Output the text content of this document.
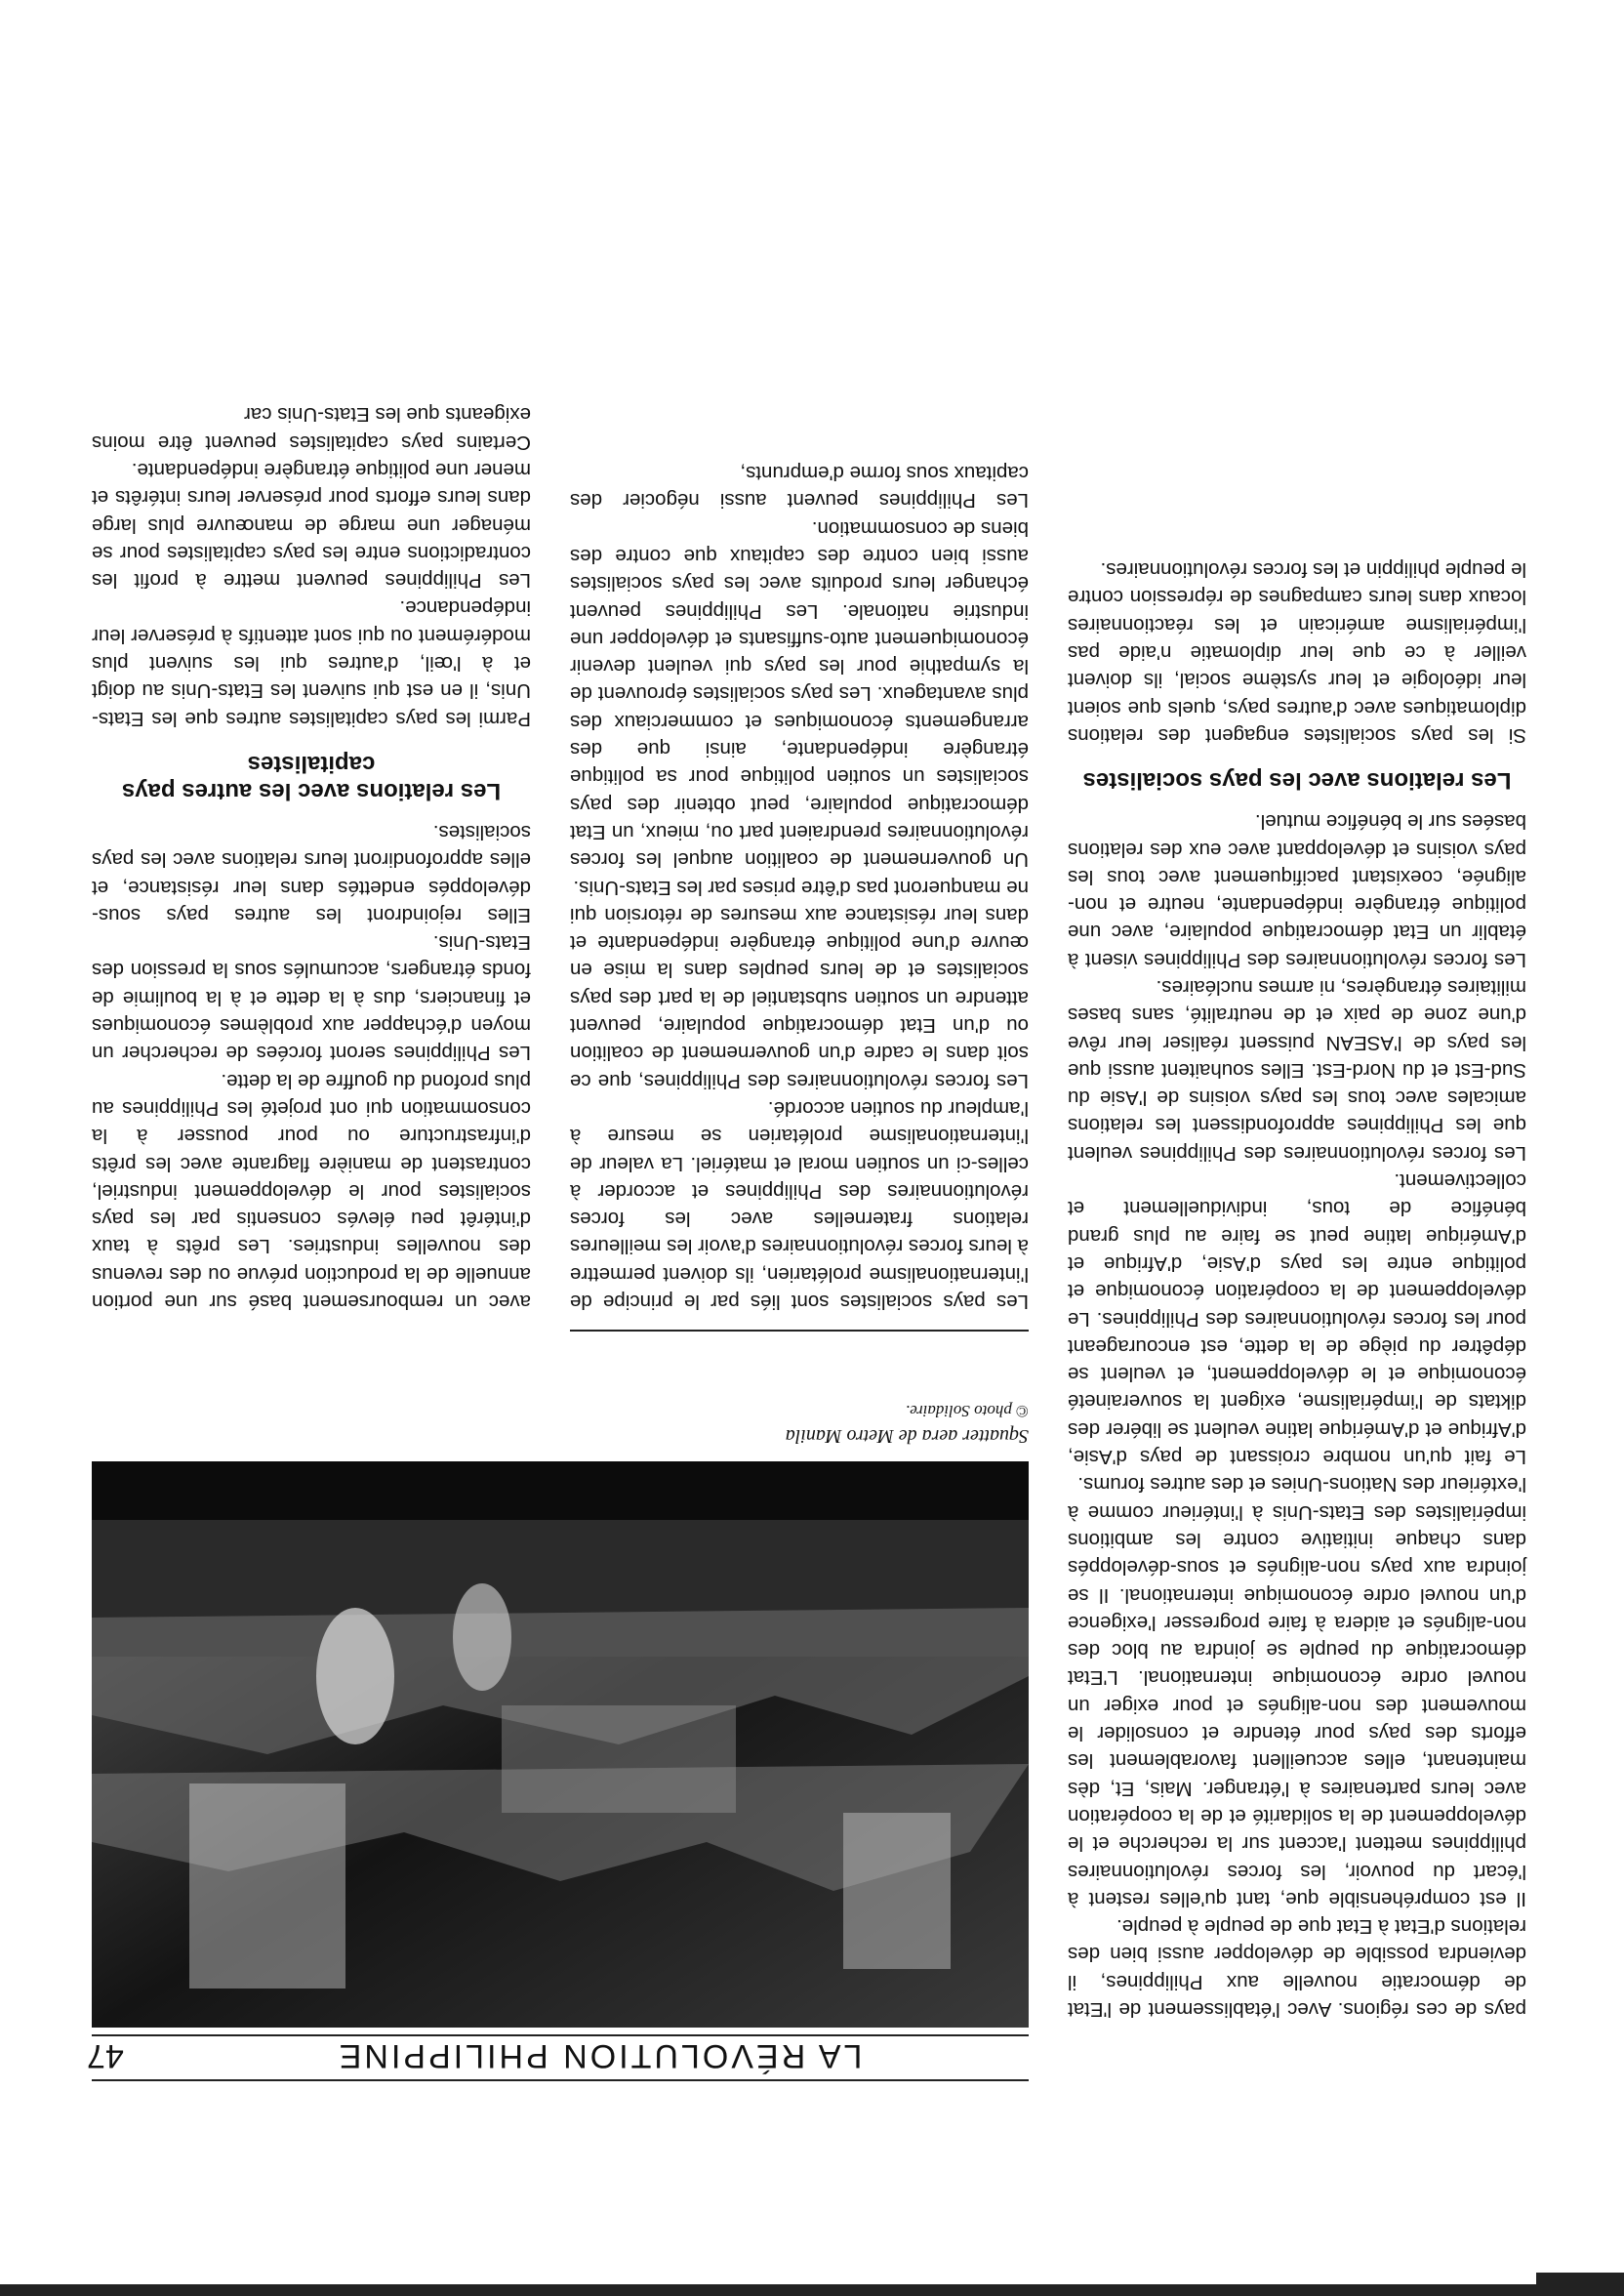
LA RÉVOLUTION PHILIPPINE
47

pays de ces régions. Avec l'établissement de l'Etat de démocratie nouvelle aux Philippines, il deviendra possible de développer aussi bien des relations d'Etat à Etat que de peuple à peuple.

Il est compréhensible que, tant qu'elles restent à l'écart du pouvoir, les forces révolutionnaires philippines mettent l'accent sur la recherche et le développement de la solidarité et de la coopération avec leurs partenaires à l'étranger. Mais, Et, dès maintenant, elles accueillent favorablement les efforts des pays pour étendre et consolider le mouvement des non-alignés et pour exiger un nouvel ordre économique international. L'Etat démocratique du peuple se joindra au bloc des non-alignés et aidera à faire progresser l'exigence d'un nouvel ordre économique international. Il se joindra aux pays non-alignés et sous-développés dans chaque initiative contre les ambitions impérialistes des Etats-Unis à l'intérieur comme à l'extérieur des Nations-Unies et des autres forums.

Le fait qu'un nombre croissant de pays d'Asie, d'Afrique et d'Amérique latine veulent se libérer des diktats de l'impérialisme, exigent la souveraineté économique et le développement, et veulent se dépêtrer du piège de la dette, est encourageant pour les forces révolutionnaires des Philippines. Le développement de la coopération économique et politique entre les pays d'Asie, d'Afrique et d'Amérique latine peut se faire au plus grand bénéfice de tous, individuellement et collectivement.

Les forces révolutionnaires des Philippines veulent que les Philippines approfondissent les relations amicales avec tous les pays voisins de l'Asie du Sud-Est et du Nord-Est. Elles souhaitent aussi que les pays de l'ASEAN puissent réaliser leur rêve d'une zone de paix et de neutralité, sans bases militaires étrangères, ni armes nucléaires.

Les forces révolutionnaires des Philippines visent à établir un Etat démocratique populaire, avec une politique étrangère indépendante, neutre et non-alignée, coexistant pacifiquement avec tous les pays voisins et développant avec eux des relations basées sur le bénéfice mutuel.

Les relations avec les pays socialistes

Si les pays socialistes engagent des relations diplomatiques avec d'autres pays, quels que soient leur idéologie et leur système social, ils doivent veiller à ce que leur diplomatie n'aide pas l'impérialisme américain et les réactionnaires locaux dans leurs campagnes de répression contre le peuple philippin et les forces révolutionnaires.

Squatter aera de Metro Manila
© photo Solidaire.

Les pays socialistes sont liés par le principe de l'internationalisme prolétarien, ils doivent permettre à leurs forces révolutionnaires d'avoir les meilleures relations fraternelles avec les forces révolutionnaires des Philippines et accorder à celles-ci un soutien moral et matériel. La valeur de l'internationalisme prolétarien se mesure à l'ampleur du soutien accordé.

Les forces révolutionnaires des Philippines, que ce soit dans le cadre d'un gouvernement de coalition ou d'un Etat démocratique populaire, peuvent attendre un soutien substantiel de la part des pays socialistes et de leurs peuples dans la mise en œuvre d'une politique étrangère indépendante et dans leur résistance aux mesures de rétorsion qui ne manqueront pas d'être prises par les Etats-Unis.

Un gouvernement de coalition auquel les forces révolutionnaires prendraient part ou, mieux, un Etat démocratique populaire, peut obtenir des pays socialistes un soutien politique pour sa politique étrangère indépendante, ainsi que des arrangements économiques et commerciaux des plus avantageux. Les pays socialistes éprouvent de la sympathie pour les pays qui veulent devenir économiquement auto-suffisants et développer une industrie nationale. Les Philippines peuvent échanger leurs produits avec les pays socialistes aussi bien contre des capitaux que contre des biens de consommation.

Les Philippines peuvent aussi négocier des capitaux sous forme d'emprunts,

avec un remboursement basé sur une portion annuelle de la production prévue ou des revenus des nouvelles industries. Les prêts à taux d'intérêt peu élevés consentis par les pays socialistes pour le développement industriel, contrastent de manière flagrante avec les prêts d'infrastructure ou pour pousser à la consommation qui ont projeté les Philippines au plus profond du gouffre de la dette.

Les Philippines seront forcées de rechercher un moyen d'échapper aux problèmes économiques et financiers, dus à la dette et à la boulimie de fonds étrangers, accumulés sous la pression des Etats-Unis.

Elles rejoindront les autres pays sous-développés endettés dans leur résistance, et elles approfondiront leurs relations avec les pays socialistes.

Les relations avec les autres pays capitalistes

Parmi les pays capitalistes autres que les Etats-Unis, il en est qui suivent les Etats-Unis au doigt et à l'œil, d'autres qui les suivent plus modérément ou qui sont attentifs à préserver leur indépendance.

Les Philippines peuvent mettre à profit les contradictions entre les pays capitalistes pour se ménager une marge de manœuvre plus large dans leurs efforts pour préserver leurs intérêts et mener une politique étrangère indépendante.

Certains pays capitalistes peuvent être moins exigeants que les Etats-Unis car
